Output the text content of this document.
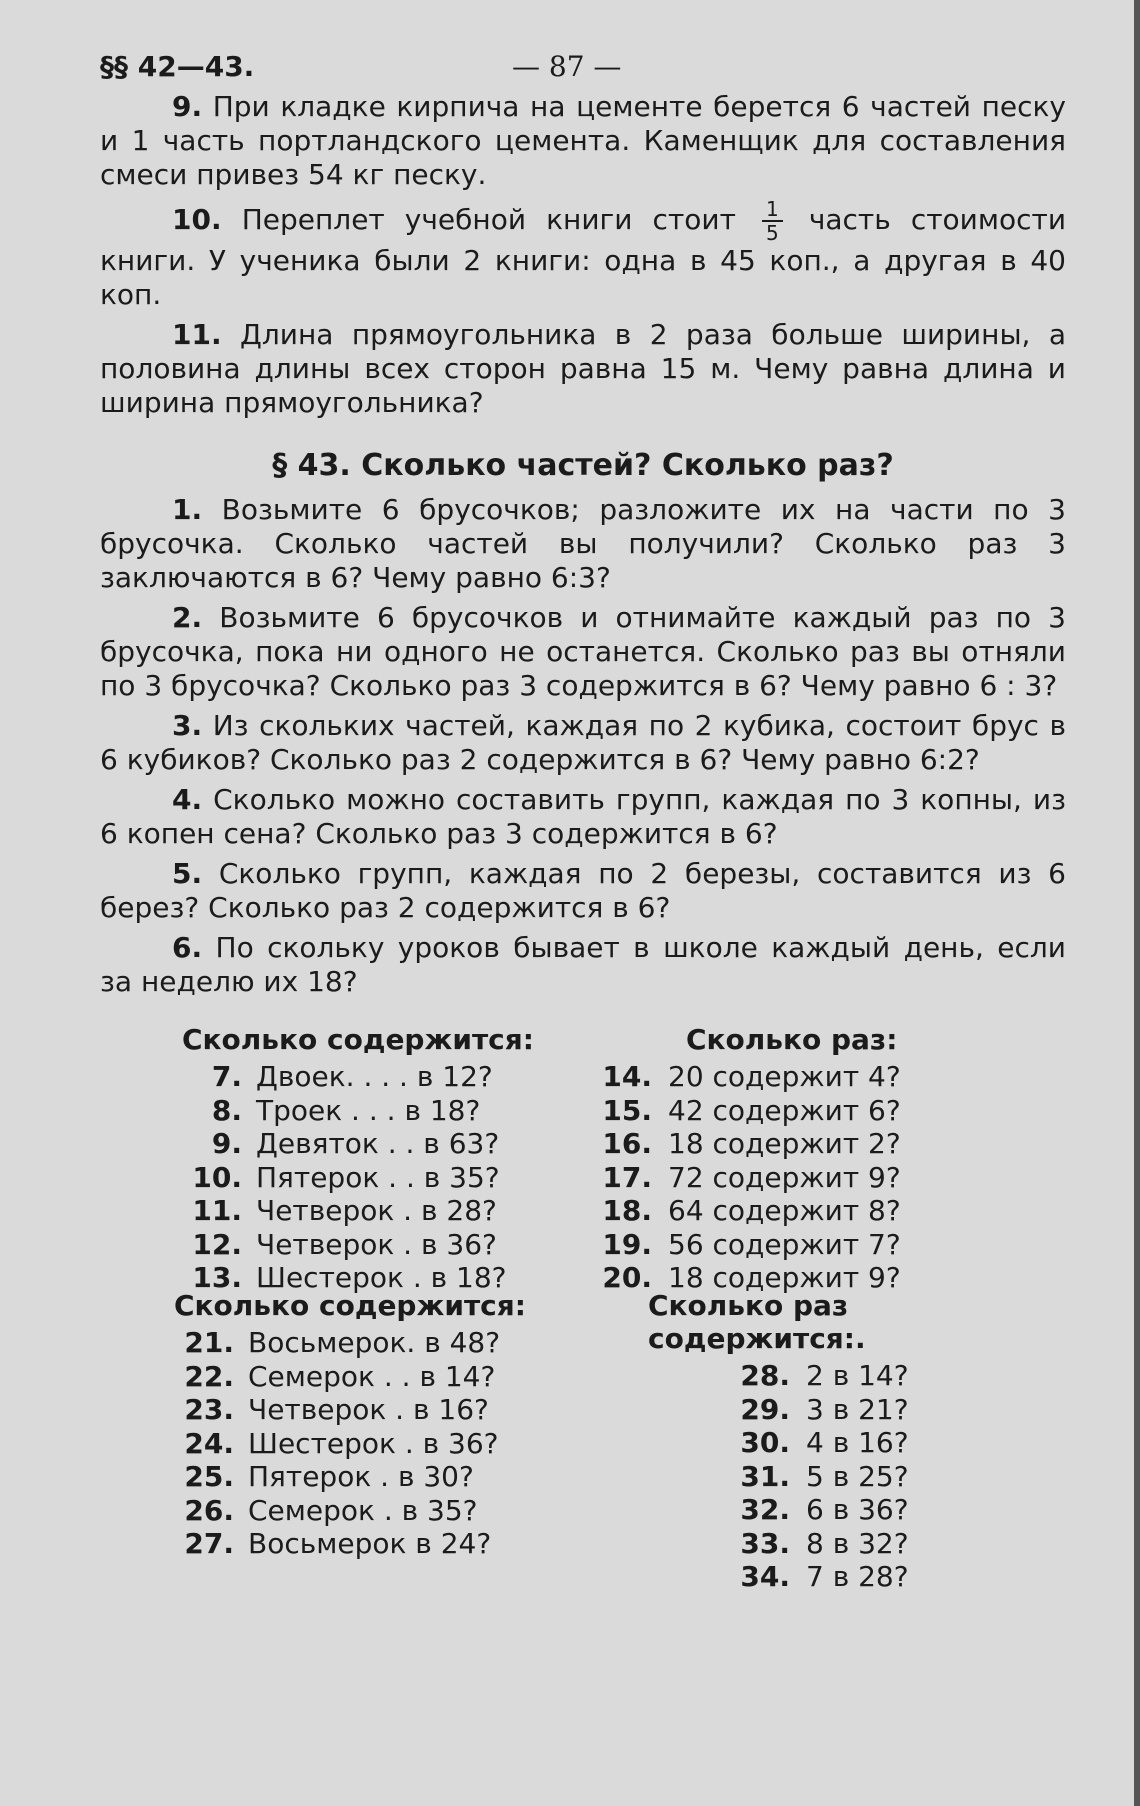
§§ 42—43.	— 87 —

9. При кладке кирпича на цементе берется 6 частей песку и 1 часть портландского цемента. Каменщик для составления смеси привез 54 кг песку.

10. Переплет учебной книги стоит $\frac{1}{5}$ часть стоимости книги. У ученика были 2 книги: одна в 45 коп., а другая в 40 коп.

11. Длина прямоугольника в 2 раза больше ширины, а половина длины всех сторон равна 15 м. Чему равна длина и ширина прямоугольника?

§ 43. Сколько частей? Сколько раз?

1. Возьмите 6 брусочков; разложите их на части по 3 брусочка. Сколько частей вы получили? Сколько раз 3 заключаются в 6? Чему равно 6:3?

2. Возьмите 6 брусочков и отнимайте каждый раз по 3 брусочка, пока ни одного не останется. Сколько раз вы отняли по 3 брусочка? Сколько раз 3 содержится в 6? Чему равно 6 : 3?

3. Из скольких частей, каждая по 2 кубика, состоит брус в 6 кубиков? Сколько раз 2 содержится в 6? Чему равно 6:2?

4. Сколько можно составить групп, каждая по 3 копны, из 6 копен сена? Сколько раз 3 содержится в 6?

5. Сколько групп, каждая по 2 березы, составится из 6 берез? Сколько раз 2 содержится в 6?

6. По скольку уроков бывает в школе каждый день, если за неделю их 18?

Сколько содержится:
7. Двоек. . . . в 12?
8. Троек . . . в 18?
9. Девяток . . в 63?
10. Пятерок . . в 35?
11. Четверок . в 28?
12. Четверок . в 36?
13. Шестерок . в 18?
Сколько раз:
14. 20 содержит 4?
15. 42 содержит 6?
16. 18 содержит 2?
17. 72 содержит 9?
18. 64 содержит 8?
19. 56 содержит 7?
20. 18 содержит 9?
Сколько содержится:
21. Восьмерок. в 48?
22. Семерок . . в 14?
23. Четверок . в 16?
24. Шестерок . в 36?
25. Пятерок . в 30?
26. Семерок . в 35?
27. Восьмерок в 24?
Сколько раз содержится:.
28. 2 в 14?
29. 3 в 21?
30. 4 в 16?
31. 5 в 25?
32. 6 в 36?
33. 8 в 32?
34. 7 в 28?
